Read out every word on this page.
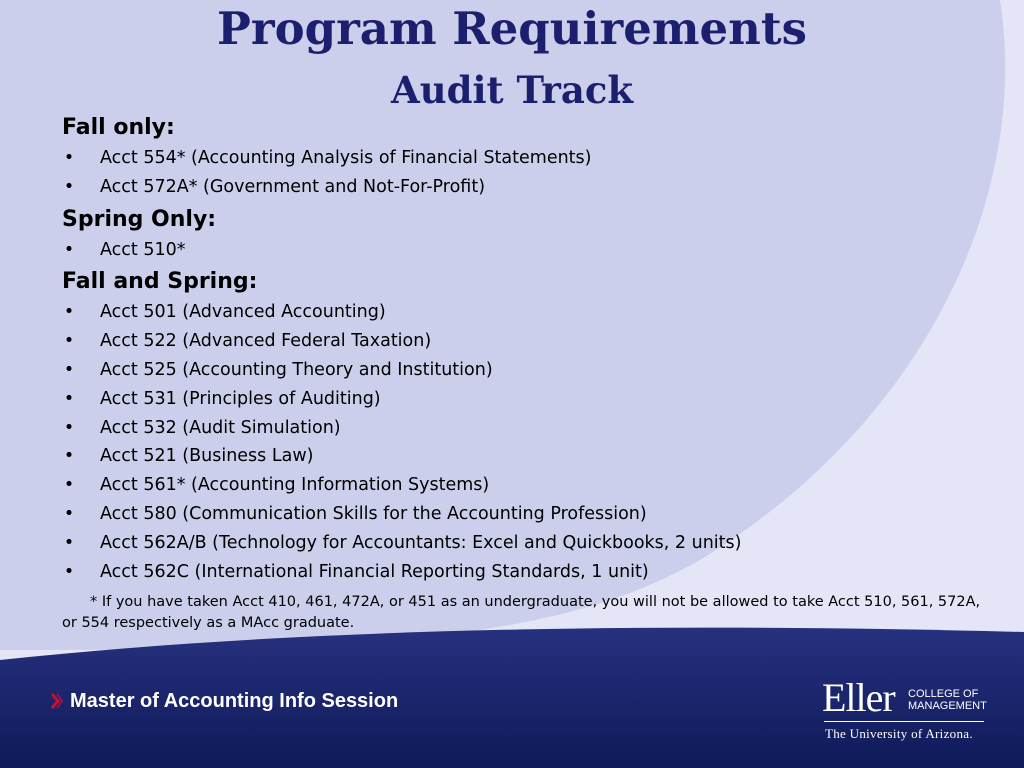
Program Requirements
Audit Track
Fall only:
• Acct 554* (Accounting Analysis of Financial Statements)
• Acct 572A* (Government and Not-For-Profit)
Spring Only:
• Acct 510*
Fall and Spring:
• Acct 501 (Advanced Accounting)
• Acct 522 (Advanced Federal Taxation)
• Acct 525 (Accounting Theory and Institution)
• Acct 531 (Principles of Auditing)
• Acct 532 (Audit Simulation)
• Acct 521 (Business Law)
• Acct 561* (Accounting Information Systems)
• Acct 580 (Communication Skills for the Accounting Profession)
• Acct 562A/B (Technology for Accountants: Excel and Quickbooks, 2 units)
• Acct 562C (International Financial Reporting Standards, 1 unit)
* If you have taken Acct 410, 461, 472A, or 451 as an undergraduate, you will not be allowed to take Acct 510, 561, 572A, or 554 respectively as a MAcc graduate.
Master of Accounting Info Session	Eller COLLEGE OF
MANAGEMENT
The University of Arizona.
